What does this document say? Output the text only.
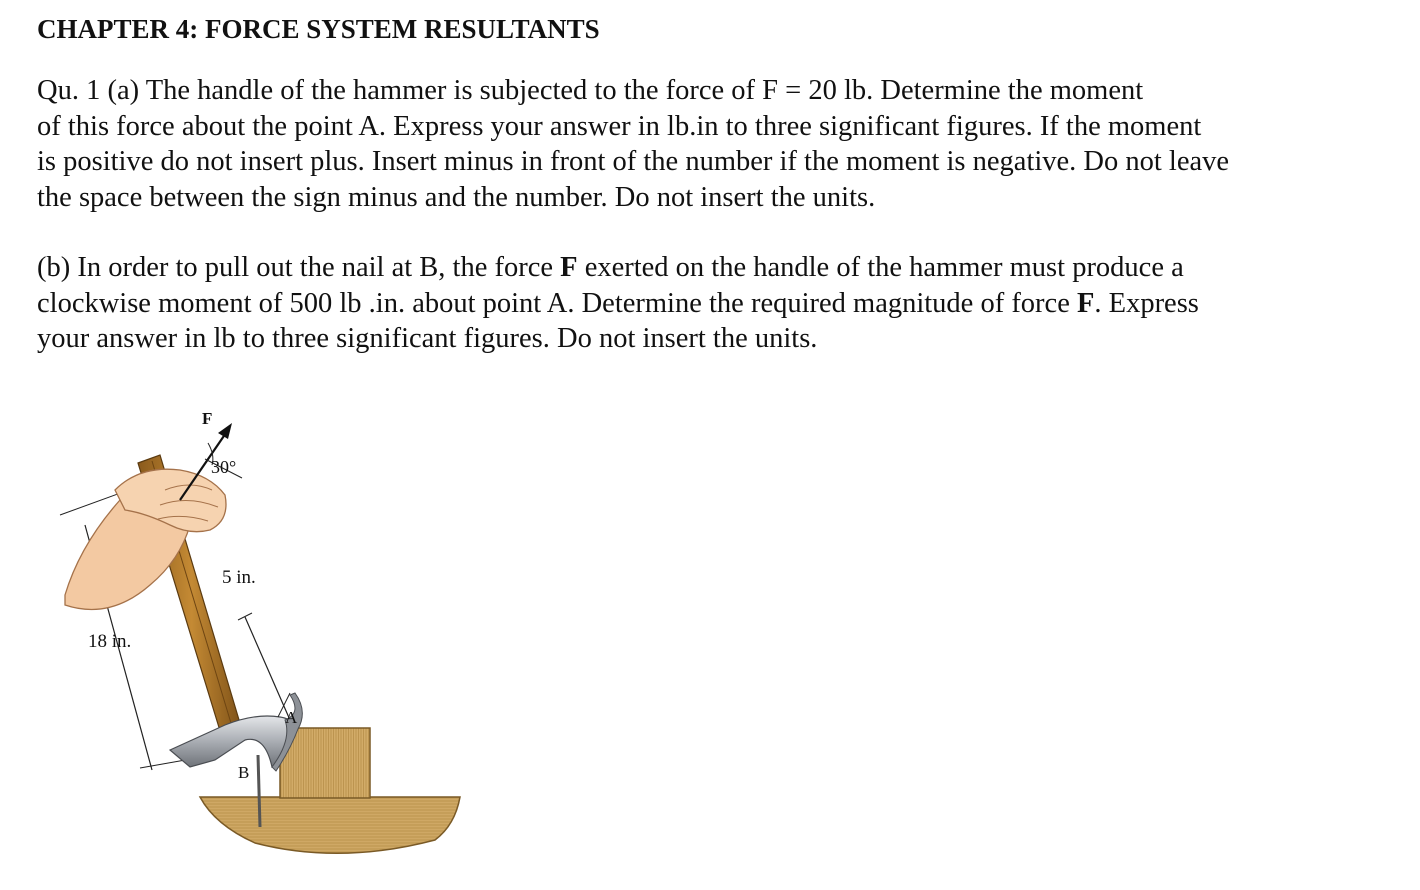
CHAPTER 4: FORCE SYSTEM RESULTANTS
Qu. 1 (a) The handle of the hammer is subjected to the force of F = 20 lb. Determine the moment
of this force about the point A. Express your answer in lb.in to three significant figures. If the moment
is positive do not insert plus. Insert minus in front of the number if the moment is negative. Do not leave
the space between the sign minus and the number. Do not insert the units.
(b) In order to pull out the nail at B, the force F exerted on the handle of the hammer must produce a
clockwise moment of 500 lb .in. about point A. Determine the required magnitude of force F. Express
your answer in lb to three significant figures. Do not insert the units.
F
30°
5 in.
18 in.
A
B
